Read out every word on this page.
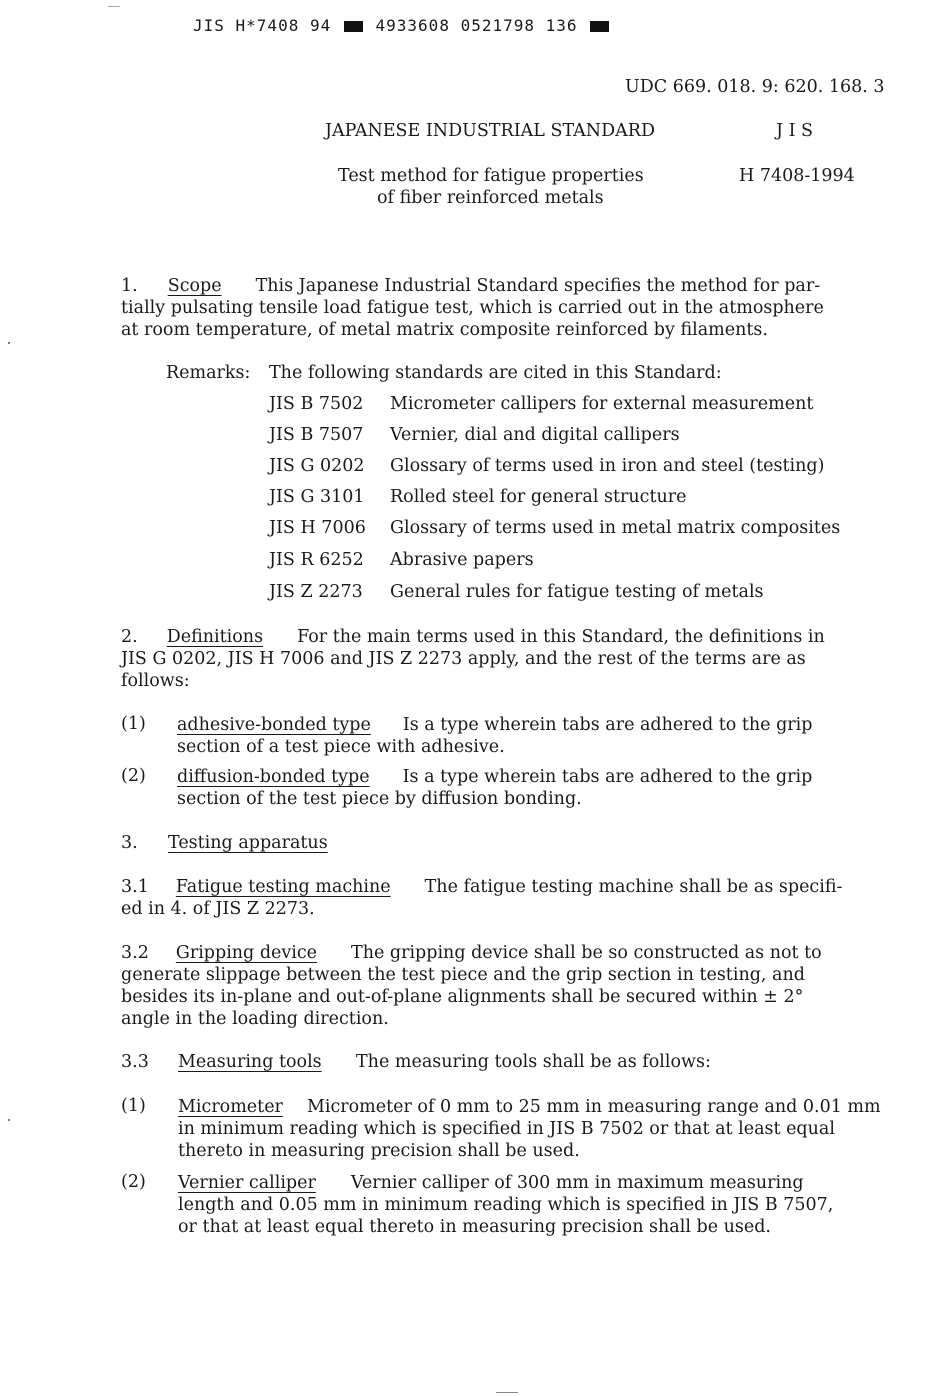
JIS H*7408 94	4933608 0521798 136
UDC 669. 018. 9: 620. 168. 3
JAPANESE INDUSTRIAL STANDARD	J I S
Test method for fatigue properties
of fiber reinforced metals
H 7408-1994
1. Scope This Japanese Industrial Standard specifies the method for par-
tially pulsating tensile load fatigue test, which is carried out in the atmosphere
at room temperature, of metal matrix composite reinforced by filaments.
Remarks: The following standards are cited in this Standard:
JIS B 7502 Micrometer callipers for external measurement
JIS B 7507 Vernier, dial and digital callipers
JIS G 0202 Glossary of terms used in iron and steel (testing)
JIS G 3101 Rolled steel for general structure
JIS H 7006 Glossary of terms used in metal matrix composites
JIS R 6252 Abrasive papers
JIS Z 2273 General rules for fatigue testing of metals
2. Definitions For the main terms used in this Standard, the definitions in
JIS G 0202, JIS H 7006 and JIS Z 2273 apply, and the rest of the terms are as
follows:
(1) adhesive-bonded type Is a type wherein tabs are adhered to the grip
section of a test piece with adhesive.
(2) diffusion-bonded type Is a type wherein tabs are adhered to the grip
section of the test piece by diffusion bonding.
3. Testing apparatus
3.1 Fatigue testing machine The fatigue testing machine shall be as specifi-
ed in 4. of JIS Z 2273.
3.2 Gripping device The gripping device shall be so constructed as not to
generate slippage between the test piece and the grip section in testing, and
besides its in-plane and out-of-plane alignments shall be secured within ± 2°
angle in the loading direction.
3.3 Measuring tools The measuring tools shall be as follows:
(1) Micrometer Micrometer of 0 mm to 25 mm in measuring range and 0.01 mm
in minimum reading which is specified in JIS B 7502 or that at least equal
thereto in measuring precision shall be used.
(2) Vernier calliper Vernier calliper of 300 mm in maximum measuring
length and 0.05 mm in minimum reading which is specified in JIS B 7507,
or that at least equal thereto in measuring precision shall be used.
